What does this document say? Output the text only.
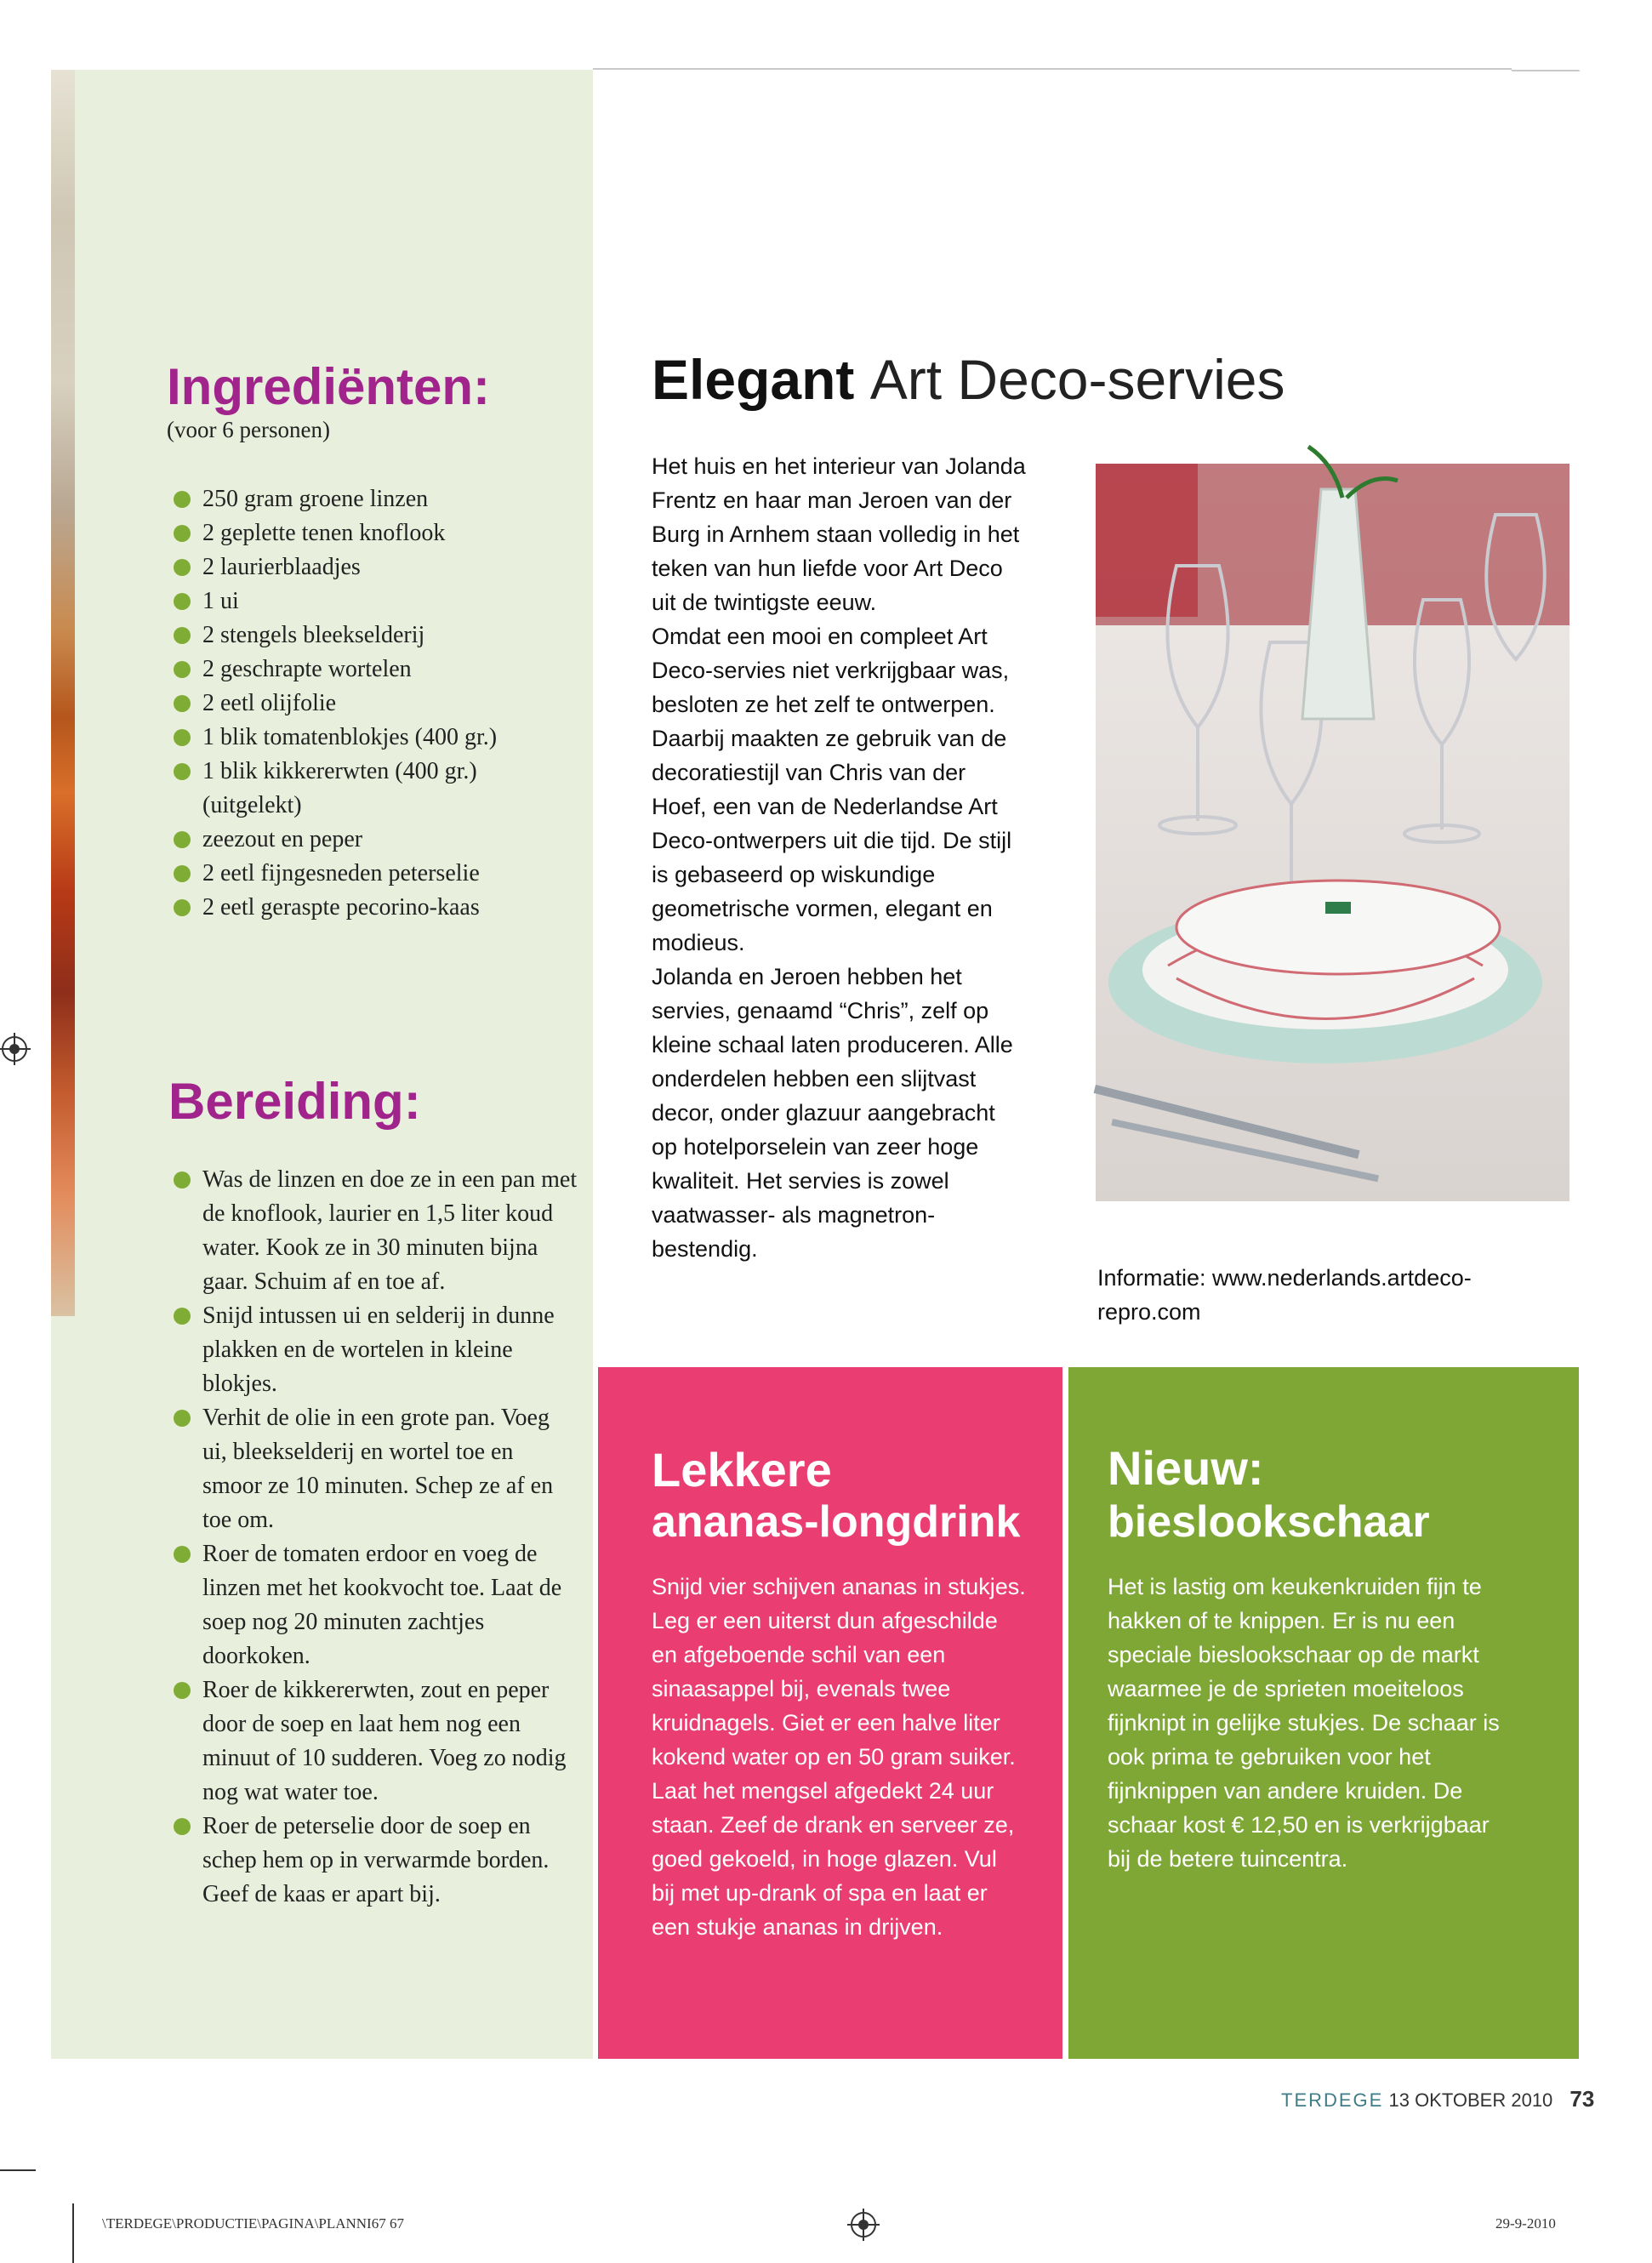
Ingrediënten:
(voor 6 personen)
250 gram groene linzen
2 geplette tenen knoflook
2 laurierblaadjes
1 ui
2 stengels bleekselderij
2 geschrapte wortelen
2 eetl olijfolie
1 blik tomatenblokjes (400 gr.)
1 blik kikkererwten (400 gr.) (uitgelekt)
zeezout en peper
2 eetl fijngesneden peterselie
2 eetl geraspte pecorino-kaas
Bereiding:
Was de linzen en doe ze in een pan met de knoflook, laurier en 1,5 liter koud water. Kook ze in 30 minuten bijna gaar. Schuim af en toe af.
Snijd intussen ui en selderij in dunne plakken en de wortelen in kleine blokjes.
Verhit de olie in een grote pan. Voeg ui, bleekselderij en wortel toe en smoor ze 10 minuten. Schep ze af en toe om.
Roer de tomaten erdoor en voeg de linzen met het kookvocht toe. Laat de soep nog 20 minuten zachtjes doorkoken.
Roer de kikkererwten, zout en peper door de soep en laat hem nog een minuut of 10 sudderen. Voeg zo nodig nog wat water toe.
Roer de peterselie door de soep en schep hem op in verwarmde borden. Geef de kaas er apart bij.
Elegant Art Deco-servies

Het huis en het interieur van Jolanda Frentz en haar man Jeroen van der Burg in Arnhem staan volledig in het teken van hun liefde voor Art Deco uit de twintigste eeuw.

Omdat een mooi en compleet Art Deco-servies niet verkrijgbaar was, besloten ze het zelf te ontwerpen. Daarbij maakten ze gebruik van de decoratiestijl van Chris van der Hoef, een van de Nederlandse Art Deco-ontwerpers uit die tijd. De stijl is gebaseerd op wiskundige geometrische vormen, elegant en modieus.

Jolanda en Jeroen hebben het servies, genaamd “Chris”, zelf op kleine schaal laten produceren. Alle onderdelen hebben een slijtvast decor, onder glazuur aangebracht op hotelporselein van zeer hoge kwaliteit. Het servies is zowel vaatwasser- als magnetron-bestendig.

Informatie: www.nederlands.artdeco-repro.com

Lekkere
ananas-longdrink

Snijd vier schijven ananas in stukjes. Leg er een uiterst dun afgeschilde en afgeboende schil van een sinaasappel bij, evenals twee kruidnagels. Giet er een halve liter kokend water op en 50 gram suiker. Laat het mengsel afgedekt 24 uur staan. Zeef de drank en serveer ze, goed gekoeld, in hoge glazen. Vul bij met up-drank of spa en laat er een stukje ananas in drijven.

Nieuw:
bieslookschaar

Het is lastig om keukenkruiden fijn te hakken of te knippen. Er is nu een speciale bieslookschaar op de markt waarmee je de sprieten moeiteloos fijnknipt in gelijke stukjes. De schaar is ook prima te gebruiken voor het fijnknippen van andere kruiden. De schaar kost € 12,50 en is verkrijgbaar bij de betere tuincentra.

TERDEGE 13 OKTOBER 2010 73
\TERDEGE\PRODUCTIE\PAGINA\PLANNI67 67	29-9-2010
